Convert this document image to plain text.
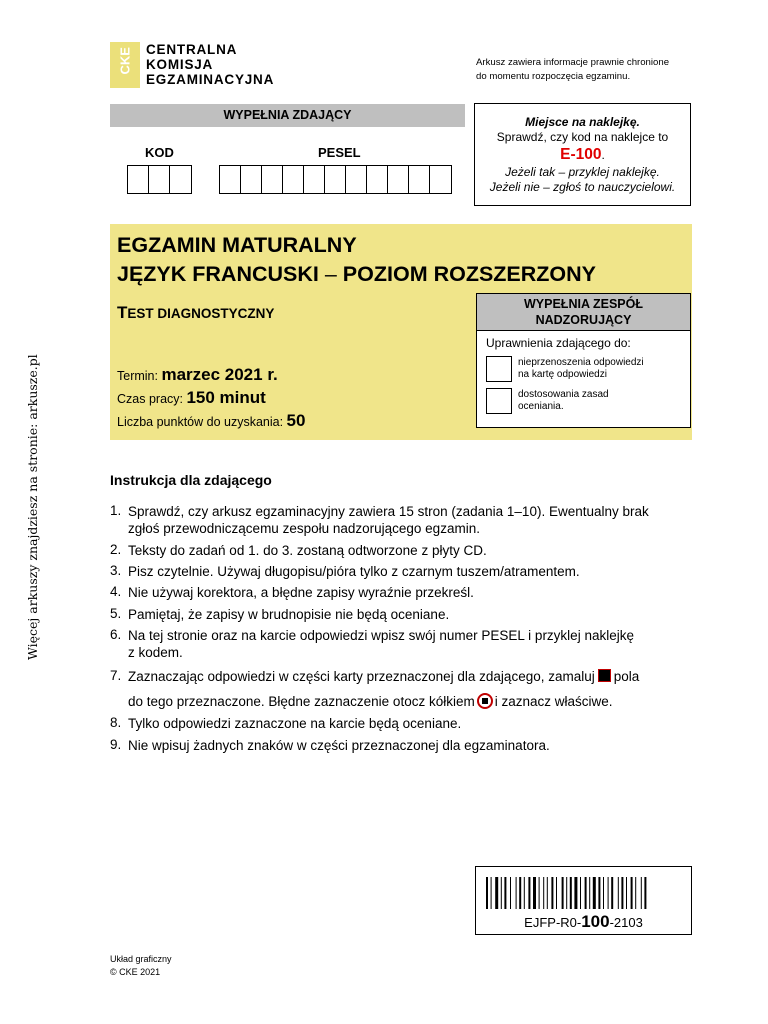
CKE CENTRALNA
KOMISJA
EGZAMINACYJNA
Arkusz zawiera informacje prawnie chronione
do momentu rozpoczęcia egzaminu.
WYPEŁNIA ZDAJĄCY
KOD	PESEL
Miejsce na naklejkę.
Sprawdź, czy kod na naklejce to
E-100.
Jeżeli tak – przyklej naklejkę.
Jeżeli nie – zgłoś to nauczycielowi.
EGZAMIN MATURALNY
JĘZYK FRANCUSKI – POZIOM ROZSZERZONY
TEST DIAGNOSTYCZNY
Termin: marzec 2021 r.
Czas pracy: 150 minut
Liczba punktów do uzyskania: 50
WYPEŁNIA ZESPÓŁ
NADZORUJĄCY
Uprawnienia zdającego do:
nieprzenoszenia odpowiedzi
na kartę odpowiedzi
dostosowania zasad
oceniania.
Instrukcja dla zdającego
1. Sprawdź, czy arkusz egzaminacyjny zawiera 15 stron (zadania 1–10). Ewentualny brak
zgłoś przewodniczącemu zespołu nadzorującego egzamin.
2. Teksty do zadań od 1. do 3. zostaną odtworzone z płyty CD.
3. Pisz czytelnie. Używaj długopisu/pióra tylko z czarnym tuszem/atramentem.
4. Nie używaj korektora, a błędne zapisy wyraźnie przekreśl.
5. Pamiętaj, że zapisy w brudnopisie nie będą oceniane.
6. Na tej stronie oraz na karcie odpowiedzi wpisz swój numer PESEL i przyklej naklejkę
z kodem.
7. Zaznaczając odpowiedzi w części karty przeznaczonej dla zdającego, zamaluj pola
do tego przeznaczone. Błędne zaznaczenie otocz kółkiem i zaznacz właściwe.
8. Tylko odpowiedzi zaznaczone na karcie będą oceniane.
9. Nie wpisuj żadnych znaków w części przeznaczonej dla egzaminatora.
Więcej arkuszy znajdziesz na stronie: arkusze.pl
EJFP-R0-100-2103
Układ graficzny
© CKE 2021
